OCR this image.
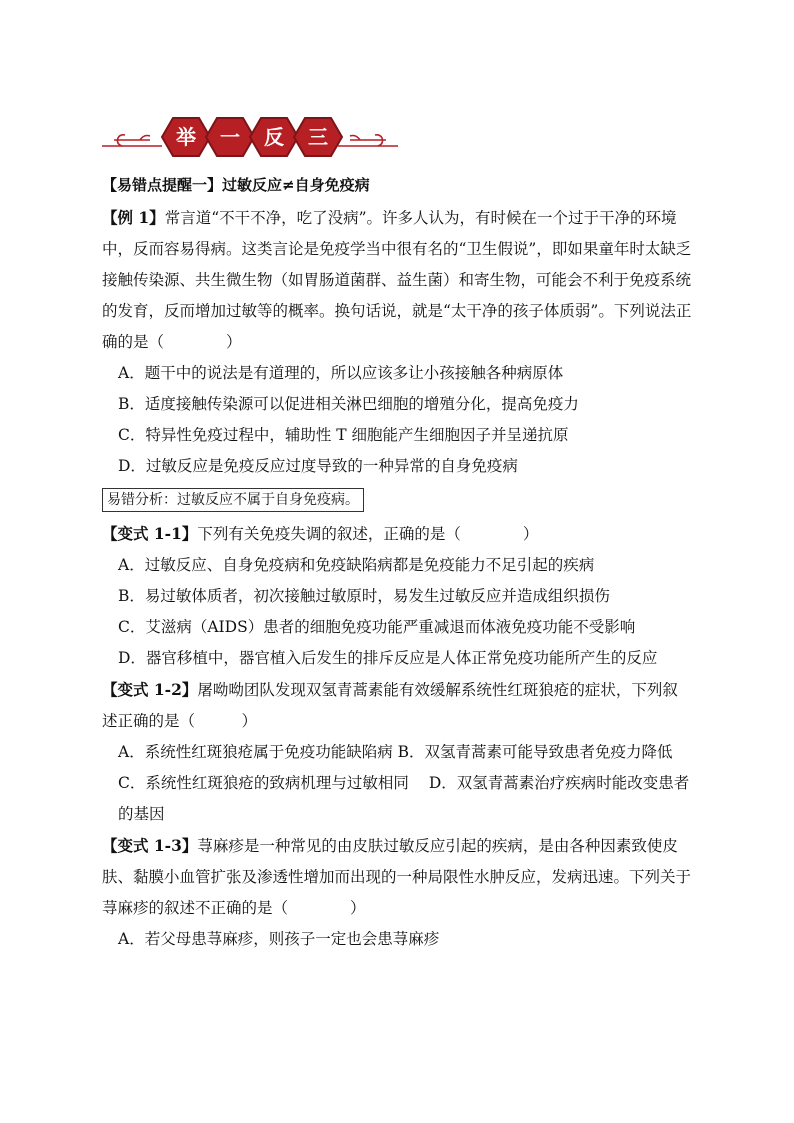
举 一 反 三
【易错点提醒一】过敏反应≠自身免疫病

【例 1】常言道“不干不净，吃了没病”。许多人认为，有时候在一个过于干净的环境中，反而容易得病。这类言论是免疫学当中很有名的“卫生假说”，即如果童年时太缺乏接触传染源、共生微生物（如胃肠道菌群、益生菌）和寄生物，可能会不利于免疫系统的发育，反而增加过敏等的概率。换句话说，就是“太干净的孩子体质弱”。下列说法正确的是（　　　　）

A．题干中的说法是有道理的，所以应该多让小孩接触各种病原体

B．适度接触传染源可以促进相关淋巴细胞的增殖分化，提高免疫力

C．特异性免疫过程中，辅助性 T 细胞能产生细胞因子并呈递抗原

D．过敏反应是免疫反应过度导致的一种异常的自身免疫病

易错分析：过敏反应不属于自身免疫病。

【变式 1-1】下列有关免疫失调的叙述，正确的是（　　　　）

A．过敏反应、自身免疫病和免疫缺陷病都是免疫能力不足引起的疾病

B．易过敏体质者，初次接触过敏原时，易发生过敏反应并造成组织损伤

C．艾滋病（AIDS）患者的细胞免疫功能严重减退而体液免疫功能不受影响

D．器官移植中，器官植入后发生的排斥反应是人体正常免疫功能所产生的反应

【变式 1-2】屠呦呦团队发现双氢青蒿素能有效缓解系统性红斑狼疮的症状，下列叙述正确的是（　　　）

A．系统性红斑狼疮属于免疫功能缺陷病 B．双氢青蒿素可能导致患者免疫力降低

C．系统性红斑狼疮的致病机理与过敏相同 D．双氢青蒿素治疗疾病时能改变患者的基因

【变式 1-3】荨麻疹是一种常见的由皮肤过敏反应引起的疾病，是由各种因素致使皮肤、黏膜小血管扩张及渗透性增加而出现的一种局限性水肿反应，发病迅速。下列关于荨麻疹的叙述不正确的是（　　　　）

A．若父母患荨麻疹，则孩子一定也会患荨麻疹
